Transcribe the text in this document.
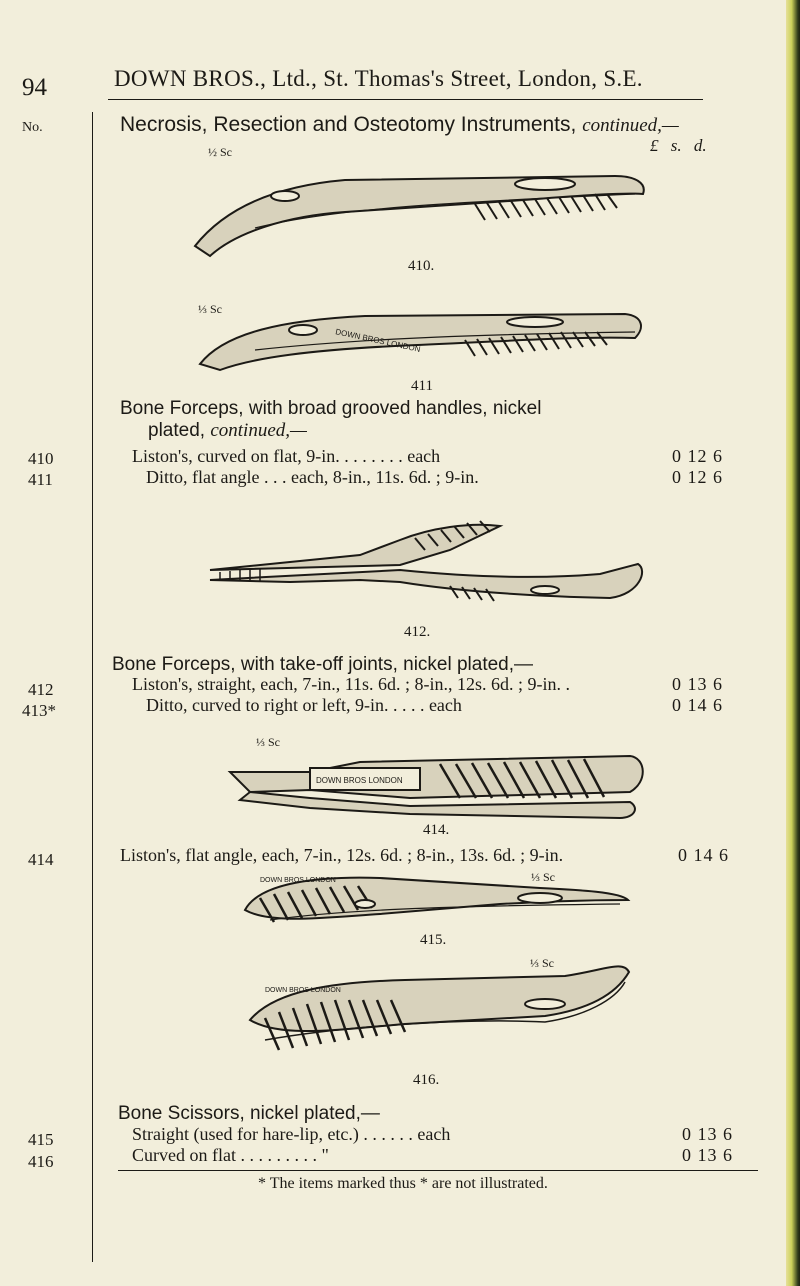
94	DOWN BROS., Ltd., St. Thomas's Street, London, S.E.
No.	Necrosis, Resection and Osteotomy Instruments, continued,—
£ s. d.
½ Sc
410.
⅓ Sc
DOWN BROS LONDON
411
Bone Forceps, with broad grooved handles, nickel
plated, continued,—
410	Liston's, curved on flat, 9-in. . . . . . . . each	0 12 6
411	Ditto, flat angle . . . each, 8-in., 11s. 6d. ; 9-in.	0 12 6
412.
Bone Forceps, with take-off joints, nickel plated,—
412	Liston's, straight, each, 7-in., 11s. 6d. ; 8-in., 12s. 6d. ; 9-in. .	0 13 6
413*	Ditto, curved to right or left, 9-in. . . . . each	0 14 6
⅓ Sc
DOWN BROS LONDON
414.
414	Liston's, flat angle, each, 7-in., 12s. 6d. ; 8-in., 13s. 6d. ; 9-in.	0 14 6
⅓ Sc
DOWN BROS LONDON
415.
⅓ Sc
DOWN BROS LONDON
416.
Bone Scissors, nickel plated,—
415	Straight (used for hare-lip, etc.) . . . . . . each	0 13 6
416	Curved on flat . . . . . . . . . "	0 13 6
* The items marked thus * are not illustrated.
